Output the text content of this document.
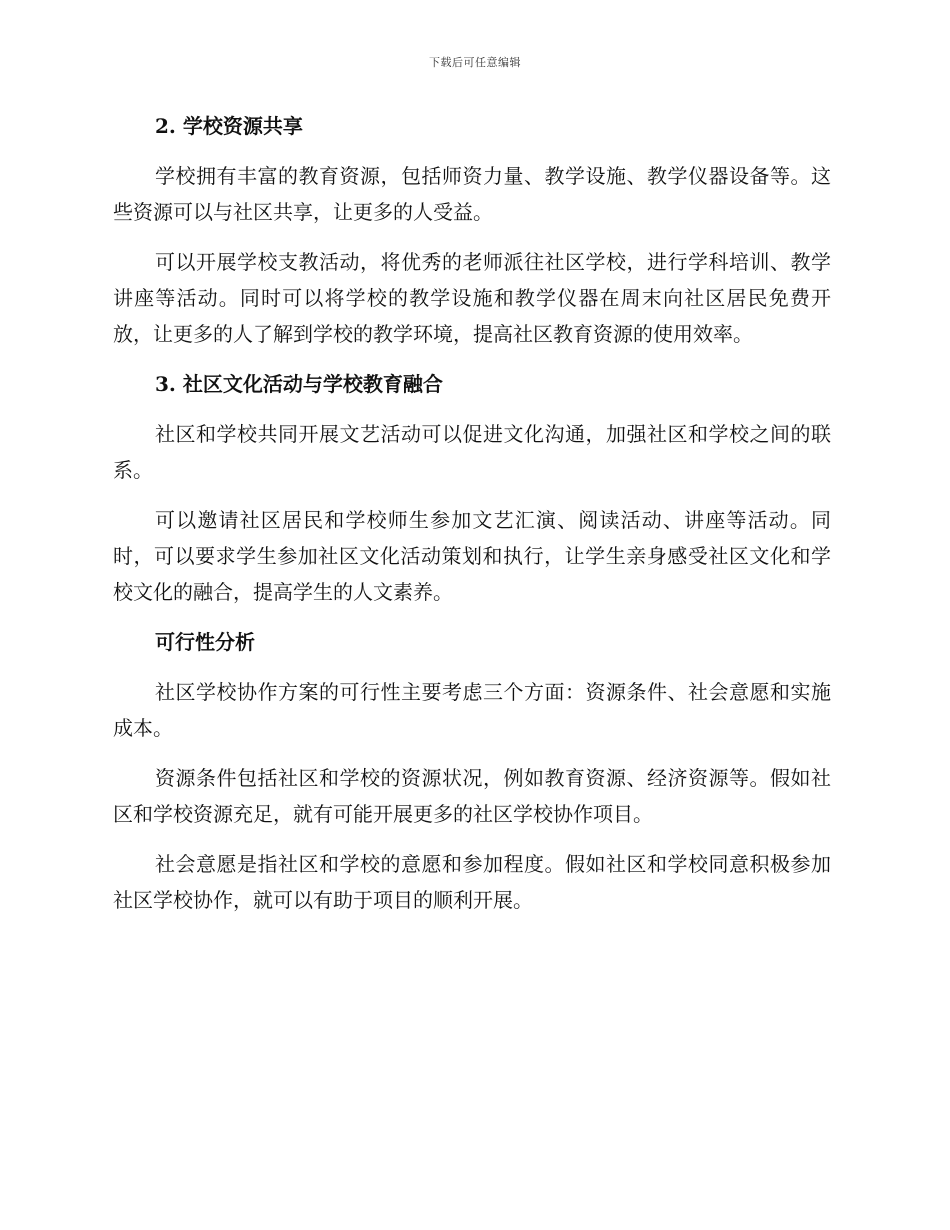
下载后可任意编辑
2. 学校资源共享

学校拥有丰富的教育资源，包括师资力量、教学设施、教学仪器设备等。这些资源可以与社区共享，让更多的人受益。

可以开展学校支教活动，将优秀的老师派往社区学校，进行学科培训、教学讲座等活动。同时可以将学校的教学设施和教学仪器在周末向社区居民免费开放，让更多的人了解到学校的教学环境，提高社区教育资源的使用效率。

3. 社区文化活动与学校教育融合

社区和学校共同开展文艺活动可以促进文化沟通，加强社区和学校之间的联系。

可以邀请社区居民和学校师生参加文艺汇演、阅读活动、讲座等活动。同时，可以要求学生参加社区文化活动策划和执行，让学生亲身感受社区文化和学校文化的融合，提高学生的人文素养。

可行性分析

社区学校协作方案的可行性主要考虑三个方面：资源条件、社会意愿和实施成本。

资源条件包括社区和学校的资源状况，例如教育资源、经济资源等。假如社区和学校资源充足，就有可能开展更多的社区学校协作项目。

社会意愿是指社区和学校的意愿和参加程度。假如社区和学校同意积极参加社区学校协作，就可以有助于项目的顺利开展。
